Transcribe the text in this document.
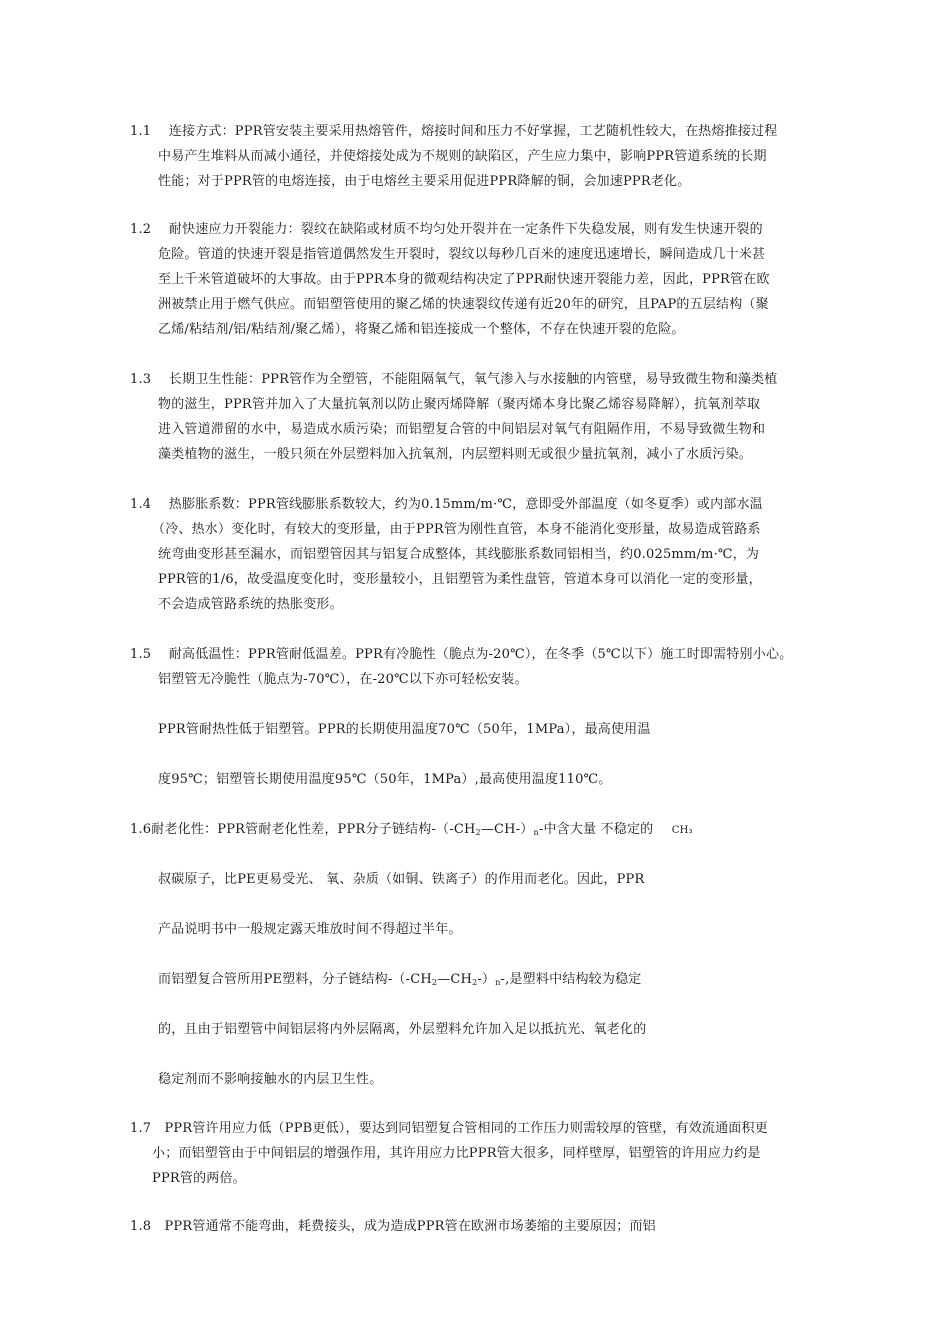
1.1　 连接方式：PPR管安装主要采用热熔管件，熔接时间和压力不好掌握，工艺随机性较大，在热熔推接过程
中易产生堆料从而减小通径，并使熔接处成为不规则的缺陷区，产生应力集中，影响PPR管道系统的长期
性能；对于PPR管的电熔连接，由于电熔丝主要采用促进PPR降解的铜，会加速PPR老化。
1.2　 耐快速应力开裂能力：裂纹在缺陷或材质不均匀处开裂并在一定条件下失稳发展，则有发生快速开裂的
危险。管道的快速开裂是指管道偶然发生开裂时，裂纹以每秒几百米的速度迅速增长，瞬间造成几十米甚
至上千米管道破坏的大事故。由于PPR本身的微观结构决定了PPR耐快速开裂能力差，因此，PPR管在欧
洲被禁止用于燃气供应。而铝塑管使用的聚乙烯的快速裂纹传递有近20年的研究，且PAP的五层结构（聚
乙烯/粘结剂/铝/粘结剂/聚乙烯），将聚乙烯和铝连接成一个整体，不存在快速开裂的危险。
1.3　 长期卫生性能：PPR管作为全塑管，不能阻隔氧气，氧气渗入与水接触的内管壁，易导致微生物和藻类植
物的滋生，PPR管并加入了大量抗氧剂以防止聚丙烯降解（聚丙烯本身比聚乙烯容易降解），抗氧剂萃取
进入管道滞留的水中，易造成水质污染；而铝塑复合管的中间铝层对氧气有阻隔作用，不易导致微生物和
藻类植物的滋生，一般只须在外层塑料加入抗氧剂，内层塑料则无或很少量抗氧剂，减小了水质污染。
1.4　 热膨胀系数：PPR管线膨胀系数较大，约为0.15mm/m·℃，意即受外部温度（如冬夏季）或内部水温
（冷、热水）变化时，有较大的变形量，由于PPR管为刚性直管，本身不能消化变形量，故易造成管路系
统弯曲变形甚至漏水，而铝塑管因其与铝复合成整体，其线膨胀系数同铝相当，约0.025mm/m·℃，为
PPR管的1/6，故受温度变化时，变形量较小，且铝塑管为柔性盘管，管道本身可以消化一定的变形量，
不会造成管路系统的热胀变形。
1.5　 耐高低温性：PPR管耐低温差。PPR有冷脆性（脆点为-20℃），在冬季（5℃以下）施工时即需特别小心。
铝塑管无冷脆性（脆点为-70℃），在-20℃以下亦可轻松安装。
PPR管耐热性低于铝塑管。PPR的长期使用温度70℃（50年，1MPa），最高使用温
度95℃；铝塑管长期使用温度95℃（50年，1MPa）,最高使用温度110℃。
1.6耐老化性：PPR管耐老化性差，PPR分子链结构$-(-CH_2—CH-)_n-$中含大量 不稳定的 CH₃
叔碳原子，比PE更易受光、 氧、杂质（如铜、铁离子）的作用而老化。因此，PPR
产品说明书中一般规定露天堆放时间不得超过半年。
而铝塑复合管所用PE塑料，分子链结构$-(-CH_2—CH_2-)_n-$,是塑料中结构较为稳定
的，且由于铝塑管中间铝层将内外层隔离，外层塑料允许加入足以抵抗光、氧老化的
稳定剂而不影响接触水的内层卫生性。
1.7　PPR管许用应力低（PPB更低），要达到同铝塑复合管相同的工作压力则需较厚的管壁，有效流通面积更
小；而铝塑管由于中间铝层的增强作用，其许用应力比PPR管大很多，同样壁厚，铝塑管的许用应力约是
PPR管的两倍。
1.8　PPR管通常不能弯曲，耗费接头，成为造成PPR管在欧洲市场萎缩的主要原因；而铝
